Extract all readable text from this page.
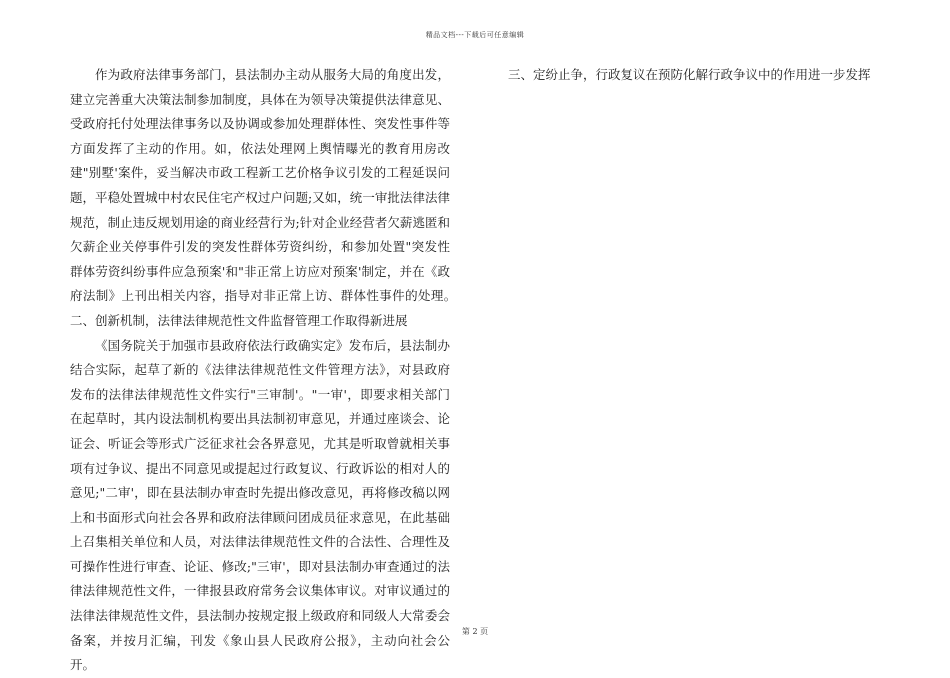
精品文档---下载后可任意编辑

作为政府法律事务部门，县法制办主动从服务大局的角度出发，建立完善重大决策法制参加制度，具体在为领导决策提供法律意见、受政府托付处理法律事务以及协调或参加处理群体性、突发性事件等方面发挥了主动的作用。如，依法处理网上舆情曝光的教育用房改建"别墅'案件，妥当解决市政工程新工艺价格争议引发的工程延误问题，平稳处置城中村农民住宅产权过户问题;又如，统一审批法律法律规范，制止违反规划用途的商业经营行为;针对企业经营者欠薪逃匿和欠薪企业关停事件引发的突发性群体劳资纠纷，和参加处置"突发性群体劳资纠纷事件应急预案'和"非正常上访应对预案'制定，并在《政府法制》上刊出相关内容，指导对非正常上访、群体性事件的处理。　　二、创新机制，法律法律规范性文件监督管理工作取得新进展

《国务院关于加强市县政府依法行政确实定》发布后，县法制办结合实际，起草了新的《法律法律规范性文件管理方法》，对县政府发布的法律法律规范性文件实行"三审制'。"一审'，即要求相关部门在起草时，其内设法制机构要出具法制初审意见，并通过座谈会、论证会、听证会等形式广泛征求社会各界意见，尤其是听取曾就相关事项有过争议、提出不同意见或提起过行政复议、行政诉讼的相对人的意见;"二审'，即在县法制办审查时先提出修改意见，再将修改稿以网上和书面形式向社会各界和政府法律顾问团成员征求意见，在此基础上召集相关单位和人员，对法律法律规范性文件的合法性、合理性及可操作性进行审查、论证、修改;"三审'，即对县法制办审查通过的法律法律规范性文件，一律报县政府常务会议集体审议。对审议通过的法律法律规范性文件，县法制办按规定报上级政府和同级人大常委会备案，并按月汇编，刊发《象山县人民政府公报》，主动向社会公开。

三、定纷止争，行政复议在预防化解行政争议中的作用进一步发挥

第 2 页
